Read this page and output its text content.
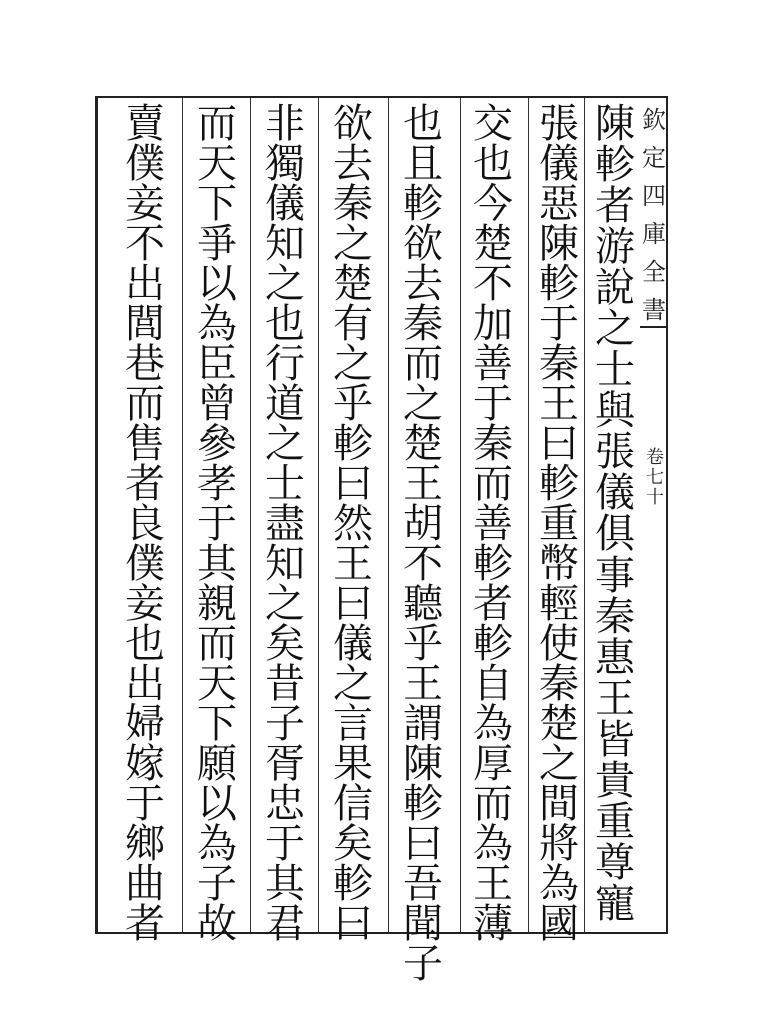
欽
定
四
庫
全
書
卷
七
十
陳
軫
者
游
說
之
士
與
張
儀
俱
事
秦
惠
王
皆
貴
重
尊
寵
張
儀
惡
陳
軫
于
秦
王
曰
軫
重
幣
輕
使
秦
楚
之
間
將
為
國
交
也
今
楚
不
加
善
于
秦
而
善
軫
者
軫
自
為
厚
而
為
王
薄
也
且
軫
欲
去
秦
而
之
楚
王
胡
不
聽
乎
王
謂
陳
軫
曰
吾
聞
子
欲
去
秦
之
楚
有
之
乎
軫
曰
然
王
曰
儀
之
言
果
信
矣
軫
曰
非
獨
儀
知
之
也
行
道
之
士
盡
知
之
矣
昔
子
胥
忠
于
其
君
而
天
下
爭
以
為
臣
曾
參
孝
于
其
親
而
天
下
願
以
為
子
故
賣
僕
妾
不
出
閭
巷
而
售
者
良
僕
妾
也
出
婦
嫁
于
鄉
曲
者
